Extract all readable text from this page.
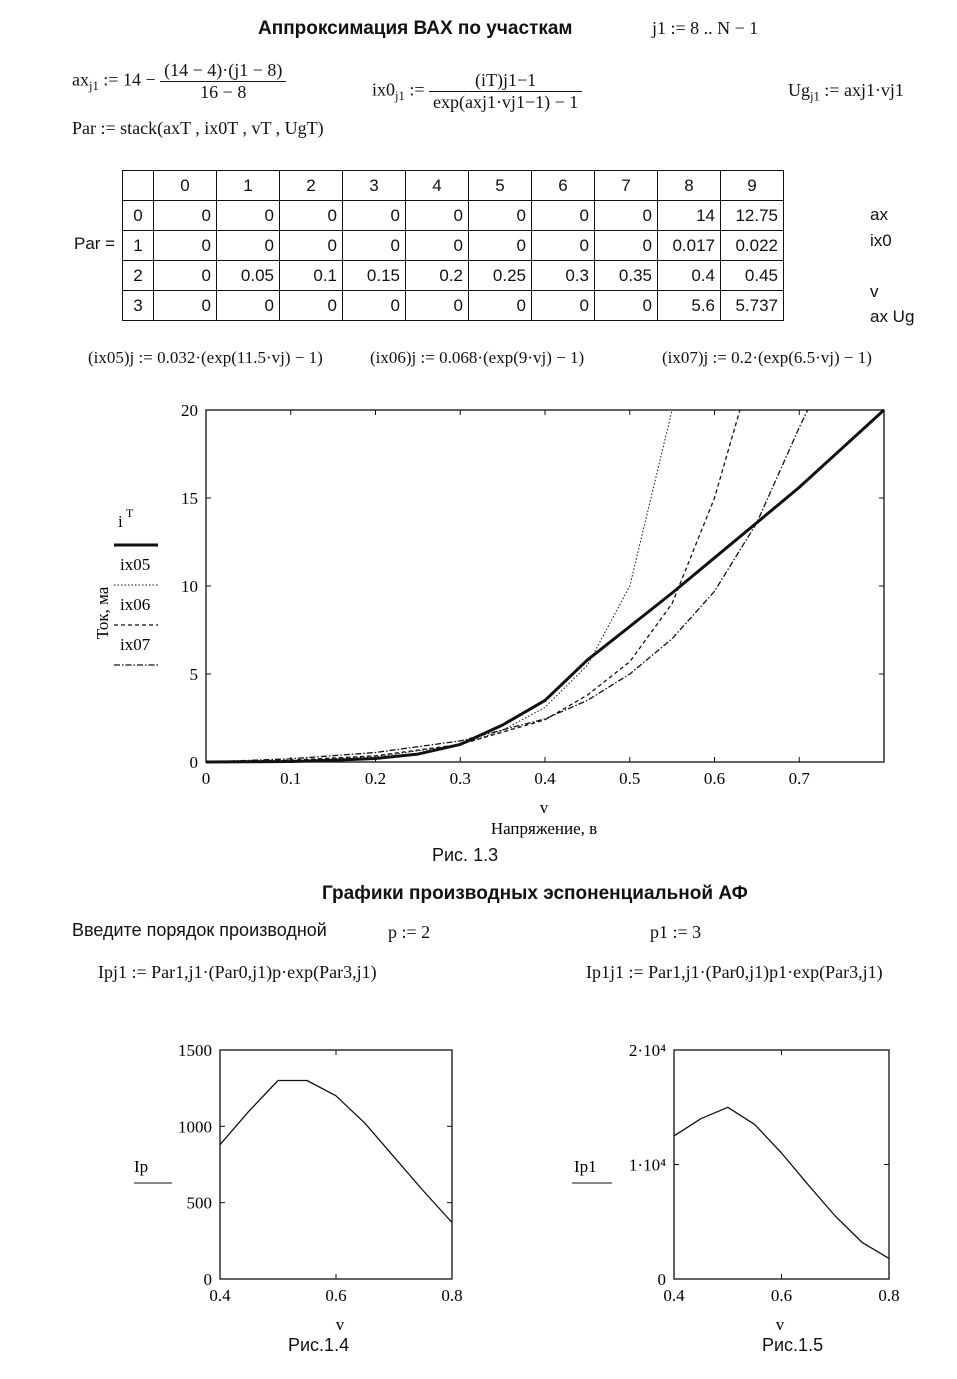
Аппроксимация ВАХ по участкам	j1 := 8 .. N − 1
$ax_{j1}$ := $14 - \frac{(14 - 4)\cdot(j1 - 8)}{16 - 8}$	$ix0_{j1}$ := $\frac{(iT)j1-1}{\text{exp(axj1·vj1−1) − 1}}$	$Ug_{j1}$ := axj1·vj1
Par := stack(axT , ix0T , vT , UgT)
Par =
	0	1	2	3	4	5	6	7	8	9
0	0	0	0	0	0	0	0	0	14	12.75
1	0	0	0	0	0	0	0	0	0.017	0.022
2	0	0.05	0.1	0.15	0.2	0.25	0.3	0.35	0.4	0.45
3	0	0	0	0	0	0	0	0	5.6	5.737
ax
ix0
v
ax Ug
(ix05)j := 0.032·(exp(11.5·vj) − 1)	(ix06)j := 0.068·(exp(9·vj) − 1)	(ix07)j := 0.2·(exp(6.5·vj) − 1)
0	0.1	0.2	0.3	0.4	0.5	0.6	0.7
0
5
10
15
20
i T
ix05
ix06
ix07
Ток, ма
v
Напряжение, в
Рис. 1.3
Графики производных эспоненциальной АФ
Введите порядок производной	p := 2	p1 := 3
Ipj1 := Par1,j1·(Par0,j1)p·exp(Par3,j1)	Ip1j1 := Par1,j1·(Par0,j1)p1·exp(Par3,j1)
0.4	0.6	0.8
0
500
1000
1500
Ip
v
Рис.1.4
0.4	0.6	0.8
0
1·10⁴
2·10⁴
Ip1
v
Рис.1.5
